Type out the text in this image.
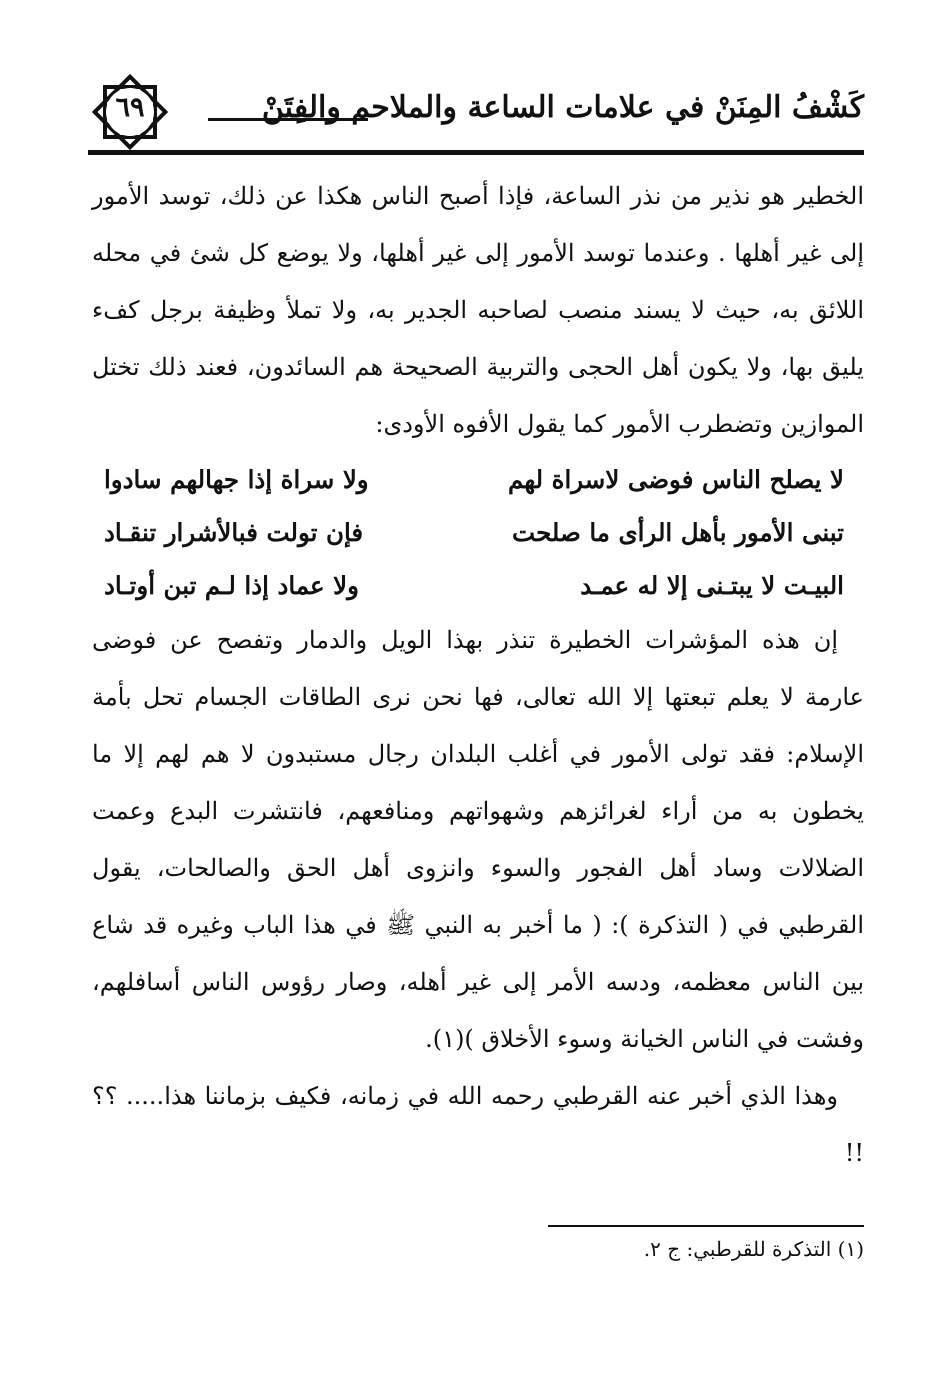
٦٩	كَشْفُ المِنَنْ في علامات الساعة والملاحم والفِتَنْ

الخطير هو نذير من نذر الساعة، فإذا أصبح الناس هكذا عن ذلك، توسد الأمور إلى غير أهلها . وعندما توسد الأمور إلى غير أهلها، ولا يوضع كل شئ في محله اللائق به، حيث لا يسند منصب لصاحبه الجدير به، ولا تملأ وظيفة برجل كفء يليق بها، ولا يكون أهل الحجى والتربية الصحيحة هم السائدون، فعند ذلك تختل الموازين وتضطرب الأمور كما يقول الأفوه الأودى:

لا يصلح الناس فوضى لاسراة لهم
ولا سراة إذا جهالهم سادوا
تبنى الأمور بأهل الرأى ما صلحت
فإن تولت فبالأشرار تنقـاد
البيـت لا يبتـنى إلا له عمـد
ولا عماد إذا لـم تبن أوتـاد

إن هذه المؤشرات الخطيرة تنذر بهذا الويل والدمار وتفصح عن فوضى عارمة لا يعلم تبعتها إلا الله تعالى، فها نحن نرى الطاقات الجسام تحل بأمة الإسلام: فقد تولى الأمور في أغلب البلدان رجال مستبدون لا هم لهم إلا ما يخطون به من أراء لغرائزهم وشهواتهم ومنافعهم، فانتشرت البدع وعمت الضلالات وساد أهل الفجور والسوء وانزوى أهل الحق والصالحات، يقول القرطبي في ( التذكرة ): ( ما أخبر به النبي ﷺ في هذا الباب وغيره قد شاع بين الناس معظمه، ودسه الأمر إلى غير أهله، وصار رؤوس الناس أسافلهم، وفشت في الناس الخيانة وسوء الأخلاق )(١).

وهذا الذي أخبر عنه القرطبي رحمه الله في زمانه، فكيف بزماننا هذا..... ؟؟ !!

(١) التذكرة للقرطبي: ج ٢.
